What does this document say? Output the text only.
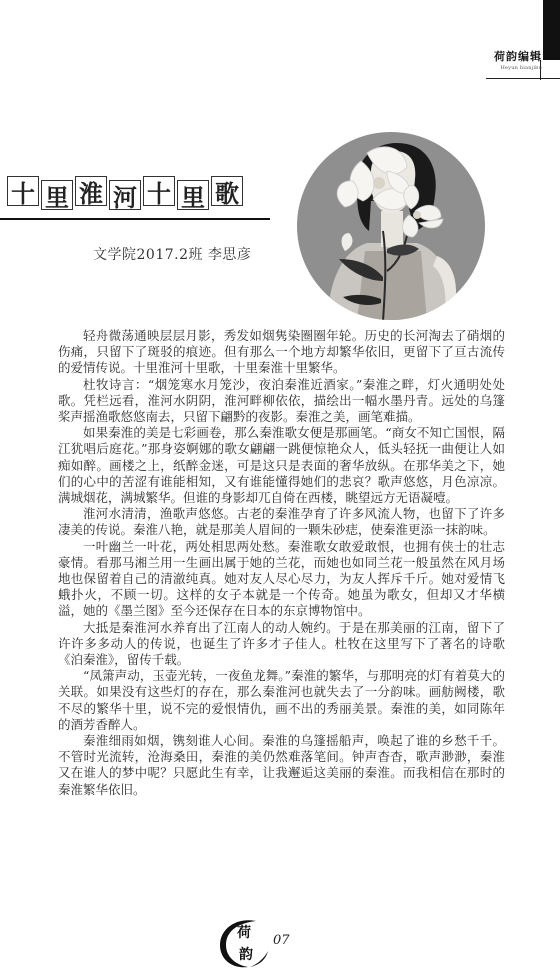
荷韵编辑
Heyun bianjibu
十 里 淮 河 十 里 歌
文学院2017.2班 李思彦

轻舟微荡通映层层月影，秀发如烟隽染圈圈年轮。历史的长河淘去了硝烟的伤痛，只留下了斑驳的痕迹。但有那么一个地方却繁华依旧，更留下了亘古流传的爱情传说。十里淮河十里歌，十里秦淮十里繁华。

杜牧诗言：“烟笼寒水月笼沙，夜泊秦淮近酒家。”秦淮之畔，灯火通明处处歌。凭栏远看，淮河水阴阴，淮河畔柳依依，描绘出一幅水墨丹青。远处的乌篷桨声摇渔歌悠悠南去，只留下翩黔的夜影。秦淮之美，画笔难描。

如果秦淮的美是七彩画卷，那么秦淮歌女便是那画笔。“商女不知亡国恨，隔江犹唱后庭花。”那身姿婀娜的歌女翩翩一跳便惊艳众人，低头轻抚一曲便让人如痴如醉。画楼之上，纸醉金迷，可是这只是表面的奢华放纵。在那华美之下，她们的心中的苦涩有谁能相知，又有谁能懂得她们的悲哀？歌声悠悠，月色凉凉。满城烟花，满城繁华。但谁的身影却兀自倚在西楼，眺望远方无语凝噎。

淮河水清清，渔歌声悠悠。古老的秦淮孕育了许多风流人物，也留下了许多凄美的传说。秦淮八艳，就是那美人眉间的一颗朱砂痣，使秦淮更添一抹韵味。

一叶幽兰一叶花，两处相思两处愁。秦淮歌女敢爱敢恨，也拥有侠士的壮志豪情。看那马湘兰用一生画出属于她的兰花，而她也如同兰花一般虽然在风月场地也保留着自己的清澈纯真。她对友人尽心尽力，为友人挥斥千斤。她对爱情飞蛾扑火，不顾一切。这样的女子本就是一个传奇。她虽为歌女，但却又才华横溢，她的《墨兰图》至今还保存在日本的东京博物馆中。

大抵是秦淮河水养育出了江南人的动人婉约。于是在那美丽的江南，留下了许许多多动人的传说，也诞生了许多才子佳人。杜牧在这里写下了著名的诗歌《泊秦淮》，留传千载。

“凤箫声动，玉壶光转，一夜鱼龙舞。”秦淮的繁华，与那明亮的灯有着莫大的关联。如果没有这些灯的存在，那么秦淮河也就失去了一分韵味。画舫阙楼，歌不尽的繁华十里，说不完的爱恨情仇，画不出的秀丽美景。秦淮的美，如同陈年的酒芳香醉人。

秦淮细雨如烟，镌刻谁人心间。秦淮的乌篷摇船声，唤起了谁的乡愁千千。不管时光流转，沧海桑田，秦淮的美仍然难落笔间。钟声杳杳，歌声渺渺，秦淮又在谁人的梦中呢？只愿此生有幸，让我邂逅这美丽的秦淮。而我相信在那时的秦淮繁华依旧。

荷
韵
07
